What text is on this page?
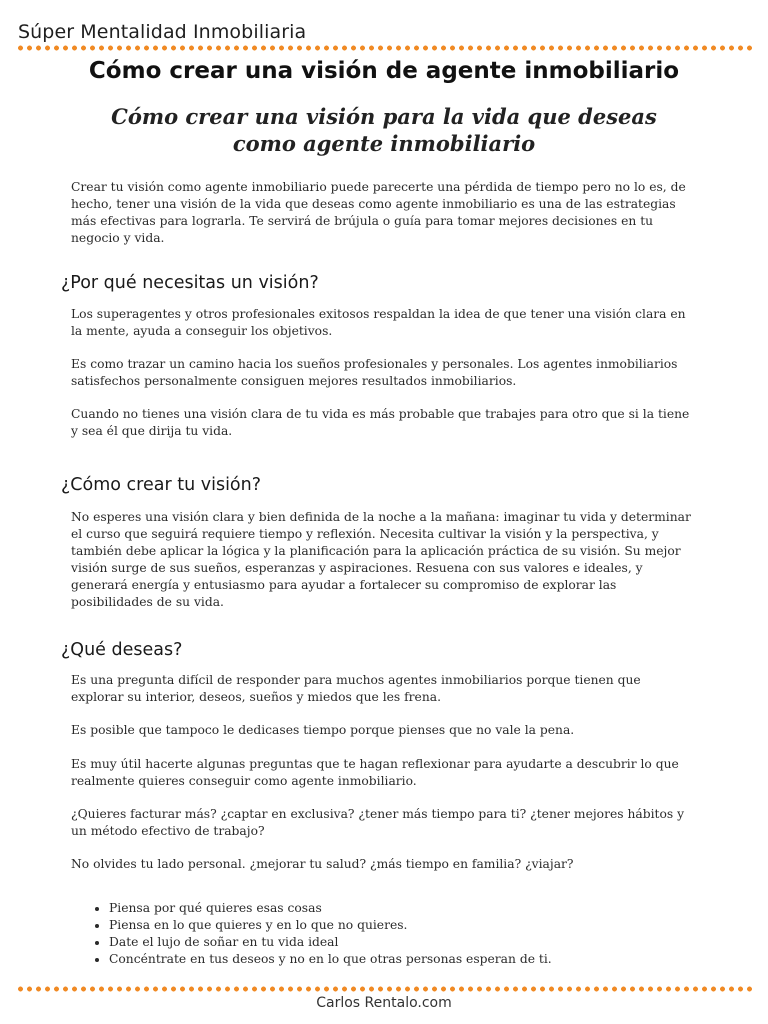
Súper Mentalidad Inmobiliaria
Cómo crear una visión de agente inmobiliario
Cómo crear una visión para la vida que deseas como agente inmobiliario

Crear tu visión como agente inmobiliario puede parecerte una pérdida de tiempo pero no lo es, de hecho, tener una visión de la vida que deseas como agente inmobiliario es una de las estrategias más efectivas para lograrla. Te servirá de brújula o guía para tomar mejores decisiones en tu negocio y vida.

¿Por qué necesitas un visión?

Los superagentes y otros profesionales exitosos respaldan la idea de que tener una visión clara en la mente, ayuda a conseguir los objetivos.

Es como trazar un camino hacia los sueños profesionales y personales. Los agentes inmobiliarios satisfechos personalmente consiguen mejores resultados inmobiliarios.

Cuando no tienes una visión clara de tu vida es más probable que trabajes para otro que si la tiene y sea él que dirija tu vida.

¿Cómo crear tu visión?

No esperes una visión clara y bien definida de la noche a la mañana: imaginar tu vida y determinar el curso que seguirá requiere tiempo y reflexión. Necesita cultivar la visión y la perspectiva, y también debe aplicar la lógica y la planificación para la aplicación práctica de su visión. Su mejor visión surge de sus sueños, esperanzas y aspiraciones. Resuena con sus valores e ideales, y generará energía y entusiasmo para ayudar a fortalecer su compromiso de explorar las posibilidades de su vida.

¿Qué deseas?

Es una pregunta difícil de responder para muchos agentes inmobiliarios porque tienen que explorar su interior, deseos, sueños y miedos que les frena.

Es posible que tampoco le dedicases tiempo porque pienses que no vale la pena.

Es muy útil hacerte algunas preguntas que te hagan reflexionar para ayudarte a descubrir lo que realmente quieres conseguir como agente inmobiliario.

¿Quieres facturar más? ¿captar en exclusiva? ¿tener más tiempo para ti? ¿tener mejores hábitos y un método efectivo de trabajo?

No olvides tu lado personal. ¿mejorar tu salud? ¿más tiempo en familia? ¿viajar?

• Piensa por qué quieres esas cosas
• Piensa en lo que quieres y en lo que no quieres.
• Date el lujo de soñar en tu vida ideal
• Concéntrate en tus deseos y no en lo que otras personas esperan de ti.
Carlos Rentalo.com
